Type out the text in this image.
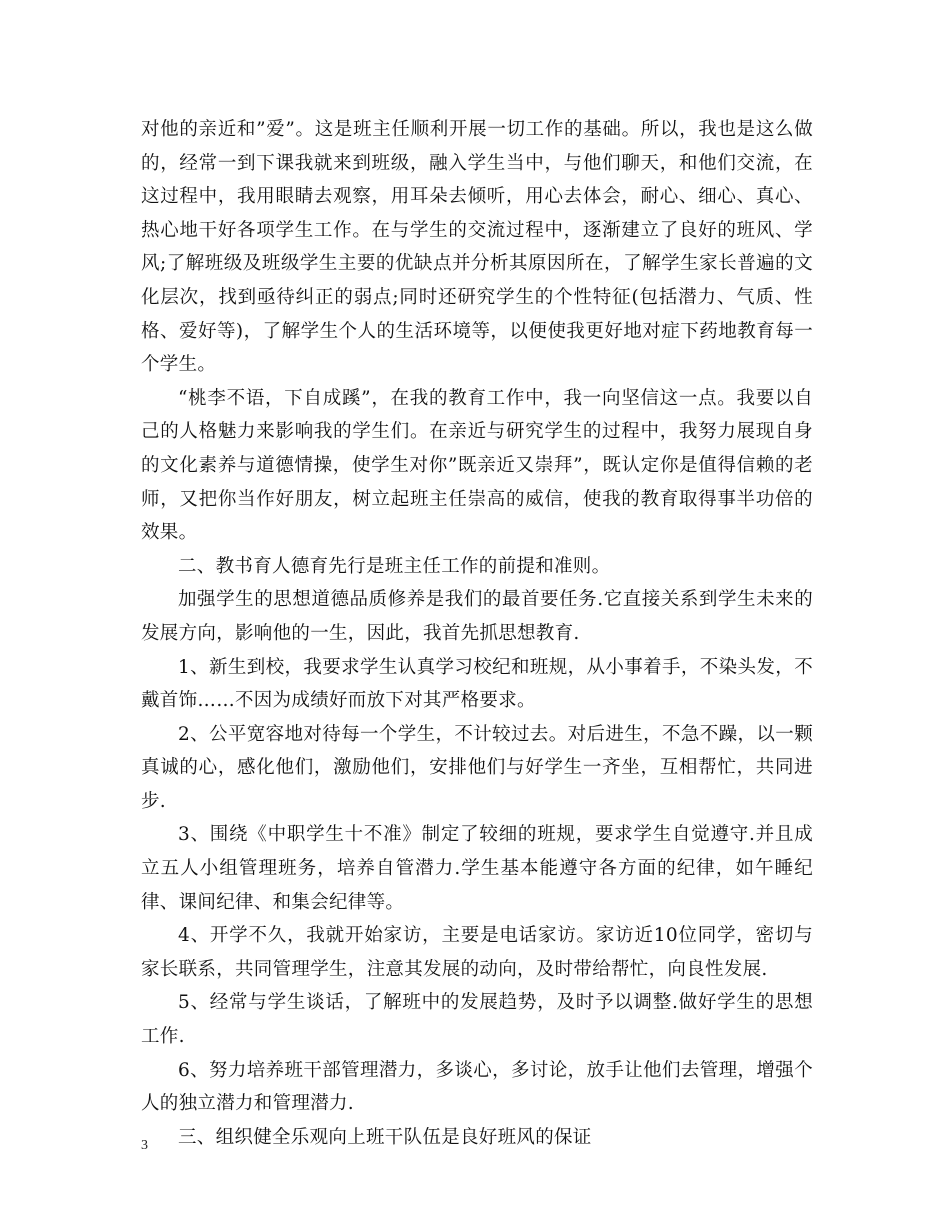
对他的亲近和”爱”。这是班主任顺利开展一切工作的基础。所以，我也是这么做的，经常一到下课我就来到班级，融入学生当中，与他们聊天，和他们交流，在这过程中，我用眼睛去观察，用耳朵去倾听，用心去体会，耐心、细心、真心、热心地干好各项学生工作。在与学生的交流过程中，逐渐建立了良好的班风、学风;了解班级及班级学生主要的优缺点并分析其原因所在，了解学生家长普遍的文化层次，找到亟待纠正的弱点;同时还研究学生的个性特征(包括潜力、气质、性格、爱好等)，了解学生个人的生活环境等，以便使我更好地对症下药地教育每一个学生。

“桃李不语，下自成蹊”，在我的教育工作中，我一向坚信这一点。我要以自己的人格魅力来影响我的学生们。在亲近与研究学生的过程中，我努力展现自身的文化素养与道德情操，使学生对你”既亲近又崇拜”，既认定你是值得信赖的老师，又把你当作好朋友，树立起班主任崇高的威信，使我的教育取得事半功倍的效果。

二、教书育人德育先行是班主任工作的前提和准则。

加强学生的思想道德品质修养是我们的最首要任务.它直接关系到学生未来的发展方向，影响他的一生，因此，我首先抓思想教育.

1、新生到校，我要求学生认真学习校纪和班规，从小事着手，不染头发，不戴首饰……不因为成绩好而放下对其严格要求。

2、公平宽容地对待每一个学生，不计较过去。对后进生，不急不躁，以一颗真诚的心，感化他们，激励他们，安排他们与好学生一齐坐，互相帮忙，共同进步.

3、围绕《中职学生十不准》制定了较细的班规，要求学生自觉遵守.并且成立五人小组管理班务，培养自管潜力.学生基本能遵守各方面的纪律，如午睡纪律、课间纪律、和集会纪律等。

4、开学不久，我就开始家访，主要是电话家访。家访近10位同学，密切与家长联系，共同管理学生，注意其发展的动向，及时带给帮忙，向良性发展.

5、经常与学生谈话，了解班中的发展趋势，及时予以调整.做好学生的思想工作.

6、努力培养班干部管理潜力，多谈心，多讨论，放手让他们去管理，增强个人的独立潜力和管理潜力.

三、组织健全乐观向上班干队伍是良好班风的保证

3
